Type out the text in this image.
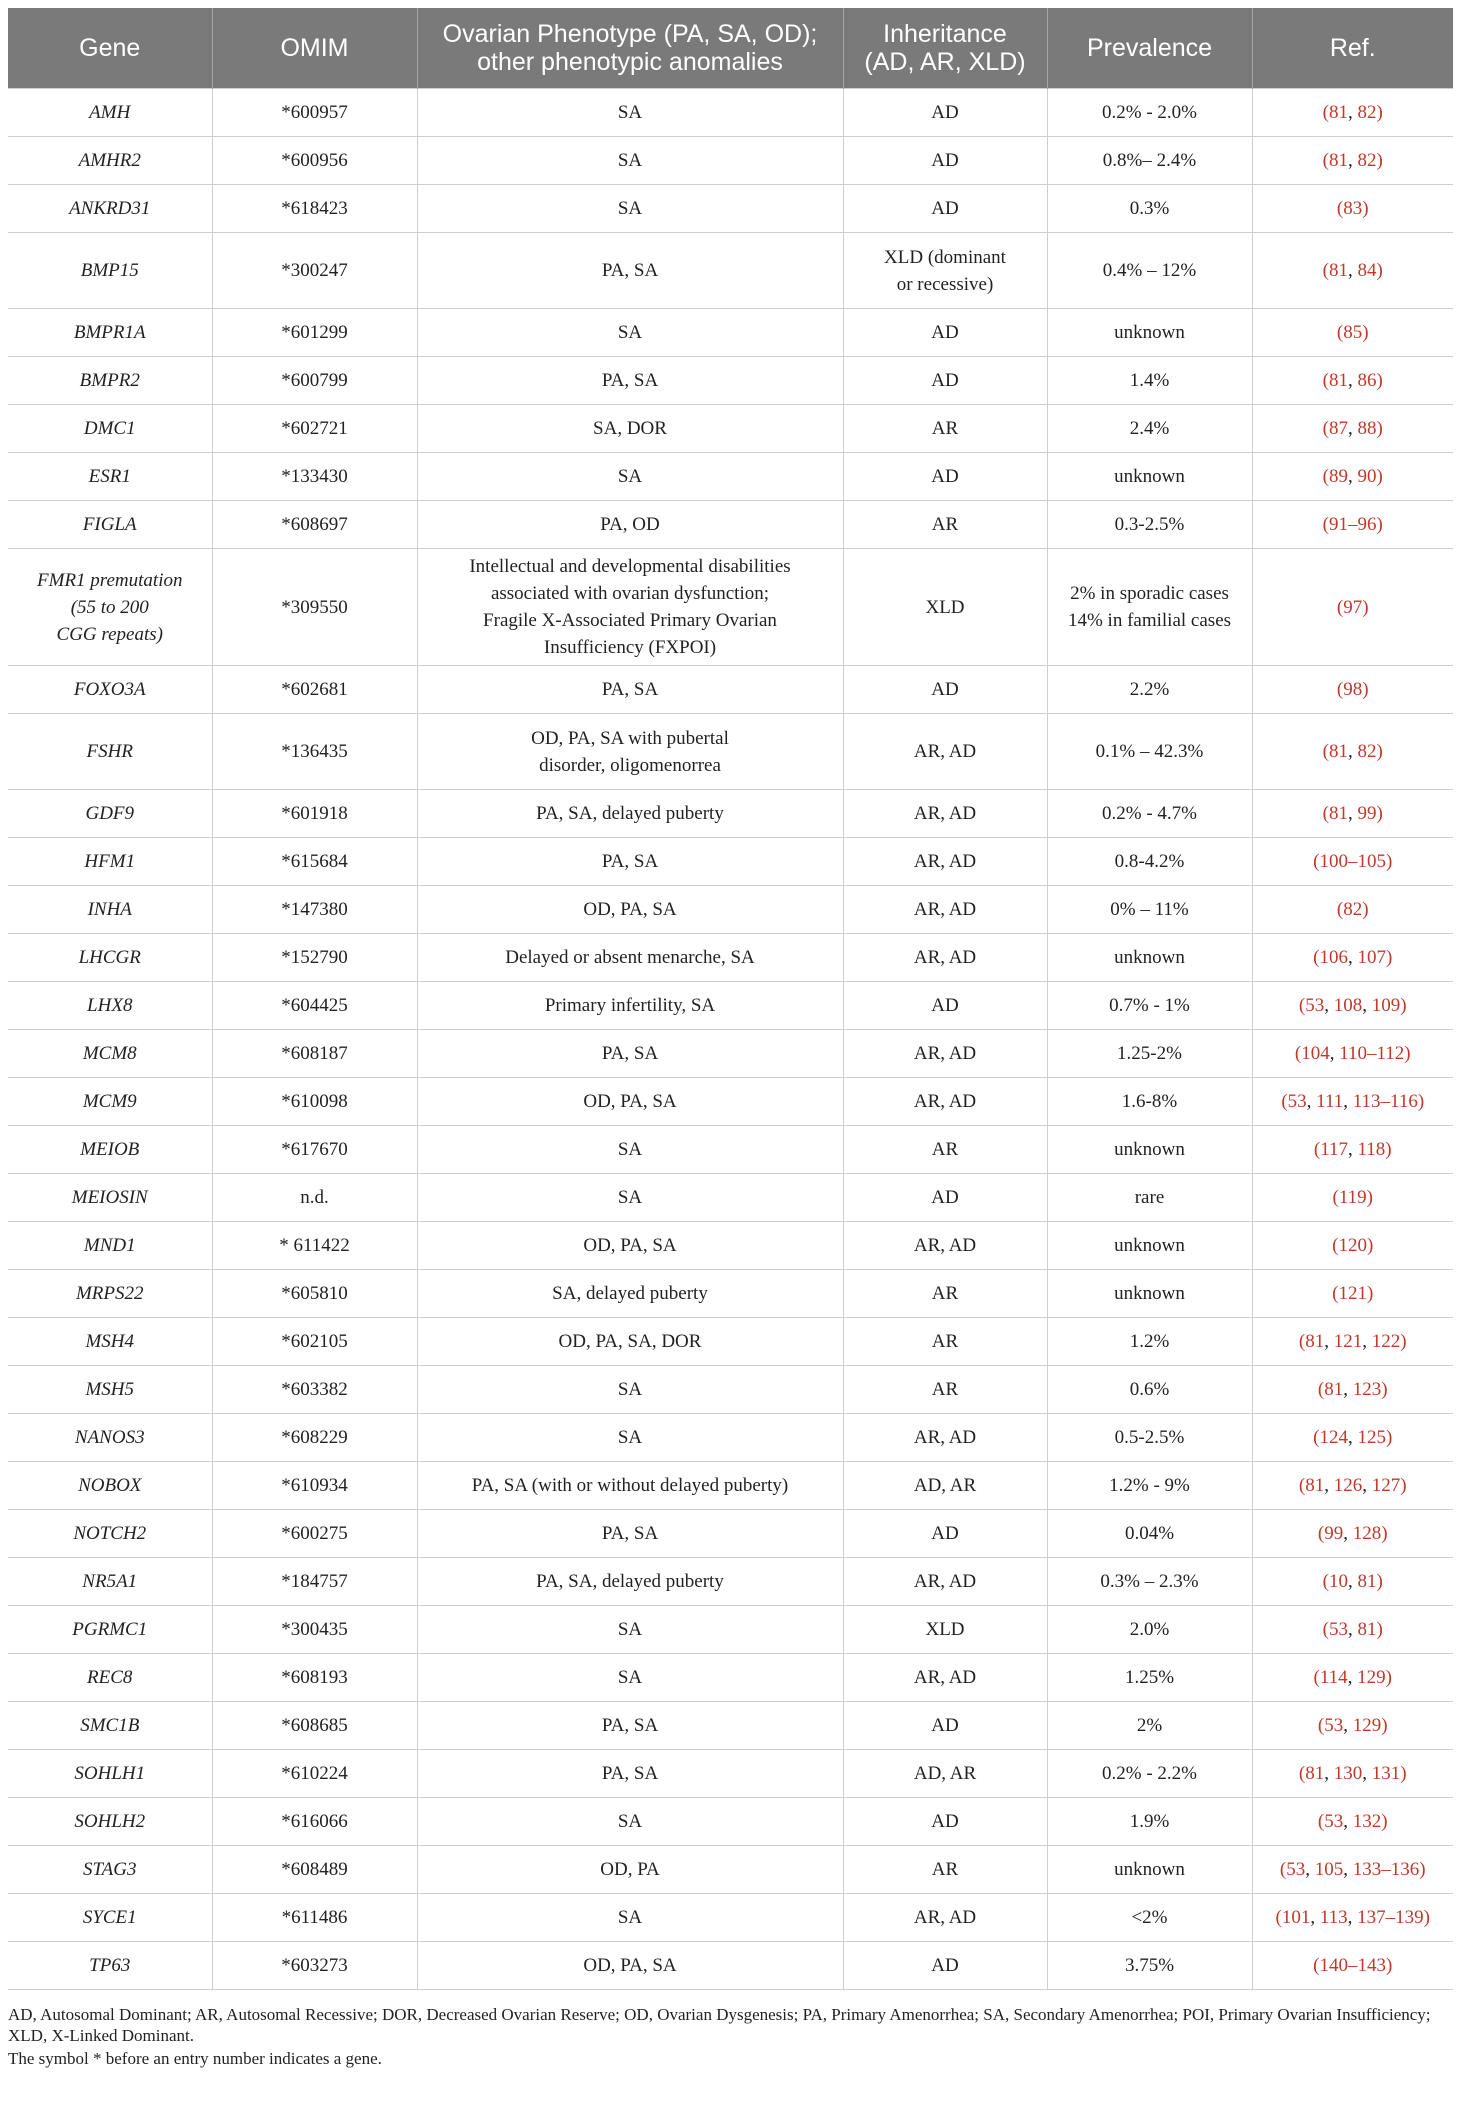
Gene	OMIM	Ovarian Phenotype (PA, SA, OD);
other phenotypic anomalies	Inheritance
(AD, AR, XLD)	Prevalence	Ref.
AMH	*600957	SA	AD	0.2% - 2.0%	(81, 82)
AMHR2	*600956	SA	AD	0.8%– 2.4%	(81, 82)
ANKRD31	*618423	SA	AD	0.3%	(83)
BMP15	*300247	PA, SA	XLD (dominant
or recessive)	0.4% – 12%	(81, 84)
BMPR1A	*601299	SA	AD	unknown	(85)
BMPR2	*600799	PA, SA	AD	1.4%	(81, 86)
DMC1	*602721	SA, DOR	AR	2.4%	(87, 88)
ESR1	*133430	SA	AD	unknown	(89, 90)
FIGLA	*608697	PA, OD	AR	0.3-2.5%	(91–96)
FMR1 premutation
(55 to 200
CGG repeats)	*309550	Intellectual and developmental disabilities
associated with ovarian dysfunction;
Fragile X-Associated Primary Ovarian
Insufficiency (FXPOI)	XLD	2% in sporadic cases
14% in familial cases	(97)
FOXO3A	*602681	PA, SA	AD	2.2%	(98)
FSHR	*136435	OD, PA, SA with pubertal
disorder, oligomenorrea	AR, AD	0.1% – 42.3%	(81, 82)
GDF9	*601918	PA, SA, delayed puberty	AR, AD	0.2% - 4.7%	(81, 99)
HFM1	*615684	PA, SA	AR, AD	0.8-4.2%	(100–105)
INHA	*147380	OD, PA, SA	AR, AD	0% – 11%	(82)
LHCGR	*152790	Delayed or absent menarche, SA	AR, AD	unknown	(106, 107)
LHX8	*604425	Primary infertility, SA	AD	0.7% - 1%	(53, 108, 109)
MCM8	*608187	PA, SA	AR, AD	1.25-2%	(104, 110–112)
MCM9	*610098	OD, PA, SA	AR, AD	1.6-8%	(53, 111, 113–116)
MEIOB	*617670	SA	AR	unknown	(117, 118)
MEIOSIN	n.d.	SA	AD	rare	(119)
MND1	* 611422	OD, PA, SA	AR, AD	unknown	(120)
MRPS22	*605810	SA, delayed puberty	AR	unknown	(121)
MSH4	*602105	OD, PA, SA, DOR	AR	1.2%	(81, 121, 122)
MSH5	*603382	SA	AR	0.6%	(81, 123)
NANOS3	*608229	SA	AR, AD	0.5-2.5%	(124, 125)
NOBOX	*610934	PA, SA (with or without delayed puberty)	AD, AR	1.2% - 9%	(81, 126, 127)
NOTCH2	*600275	PA, SA	AD	0.04%	(99, 128)
NR5A1	*184757	PA, SA, delayed puberty	AR, AD	0.3% – 2.3%	(10, 81)
PGRMC1	*300435	SA	XLD	2.0%	(53, 81)
REC8	*608193	SA	AR, AD	1.25%	(114, 129)
SMC1B	*608685	PA, SA	AD	2%	(53, 129)
SOHLH1	*610224	PA, SA	AD, AR	0.2% - 2.2%	(81, 130, 131)
SOHLH2	*616066	SA	AD	1.9%	(53, 132)
STAG3	*608489	OD, PA	AR	unknown	(53, 105, 133–136)
SYCE1	*611486	SA	AR, AD	<2%	(101, 113, 137–139)
TP63	*603273	OD, PA, SA	AD	3.75%	(140–143)

AD, Autosomal Dominant; AR, Autosomal Recessive; DOR, Decreased Ovarian Reserve; OD, Ovarian Dysgenesis; PA, Primary Amenorrhea; SA, Secondary Amenorrhea; POI, Primary Ovarian Insufficiency; XLD, X-Linked Dominant.

The symbol * before an entry number indicates a gene.
